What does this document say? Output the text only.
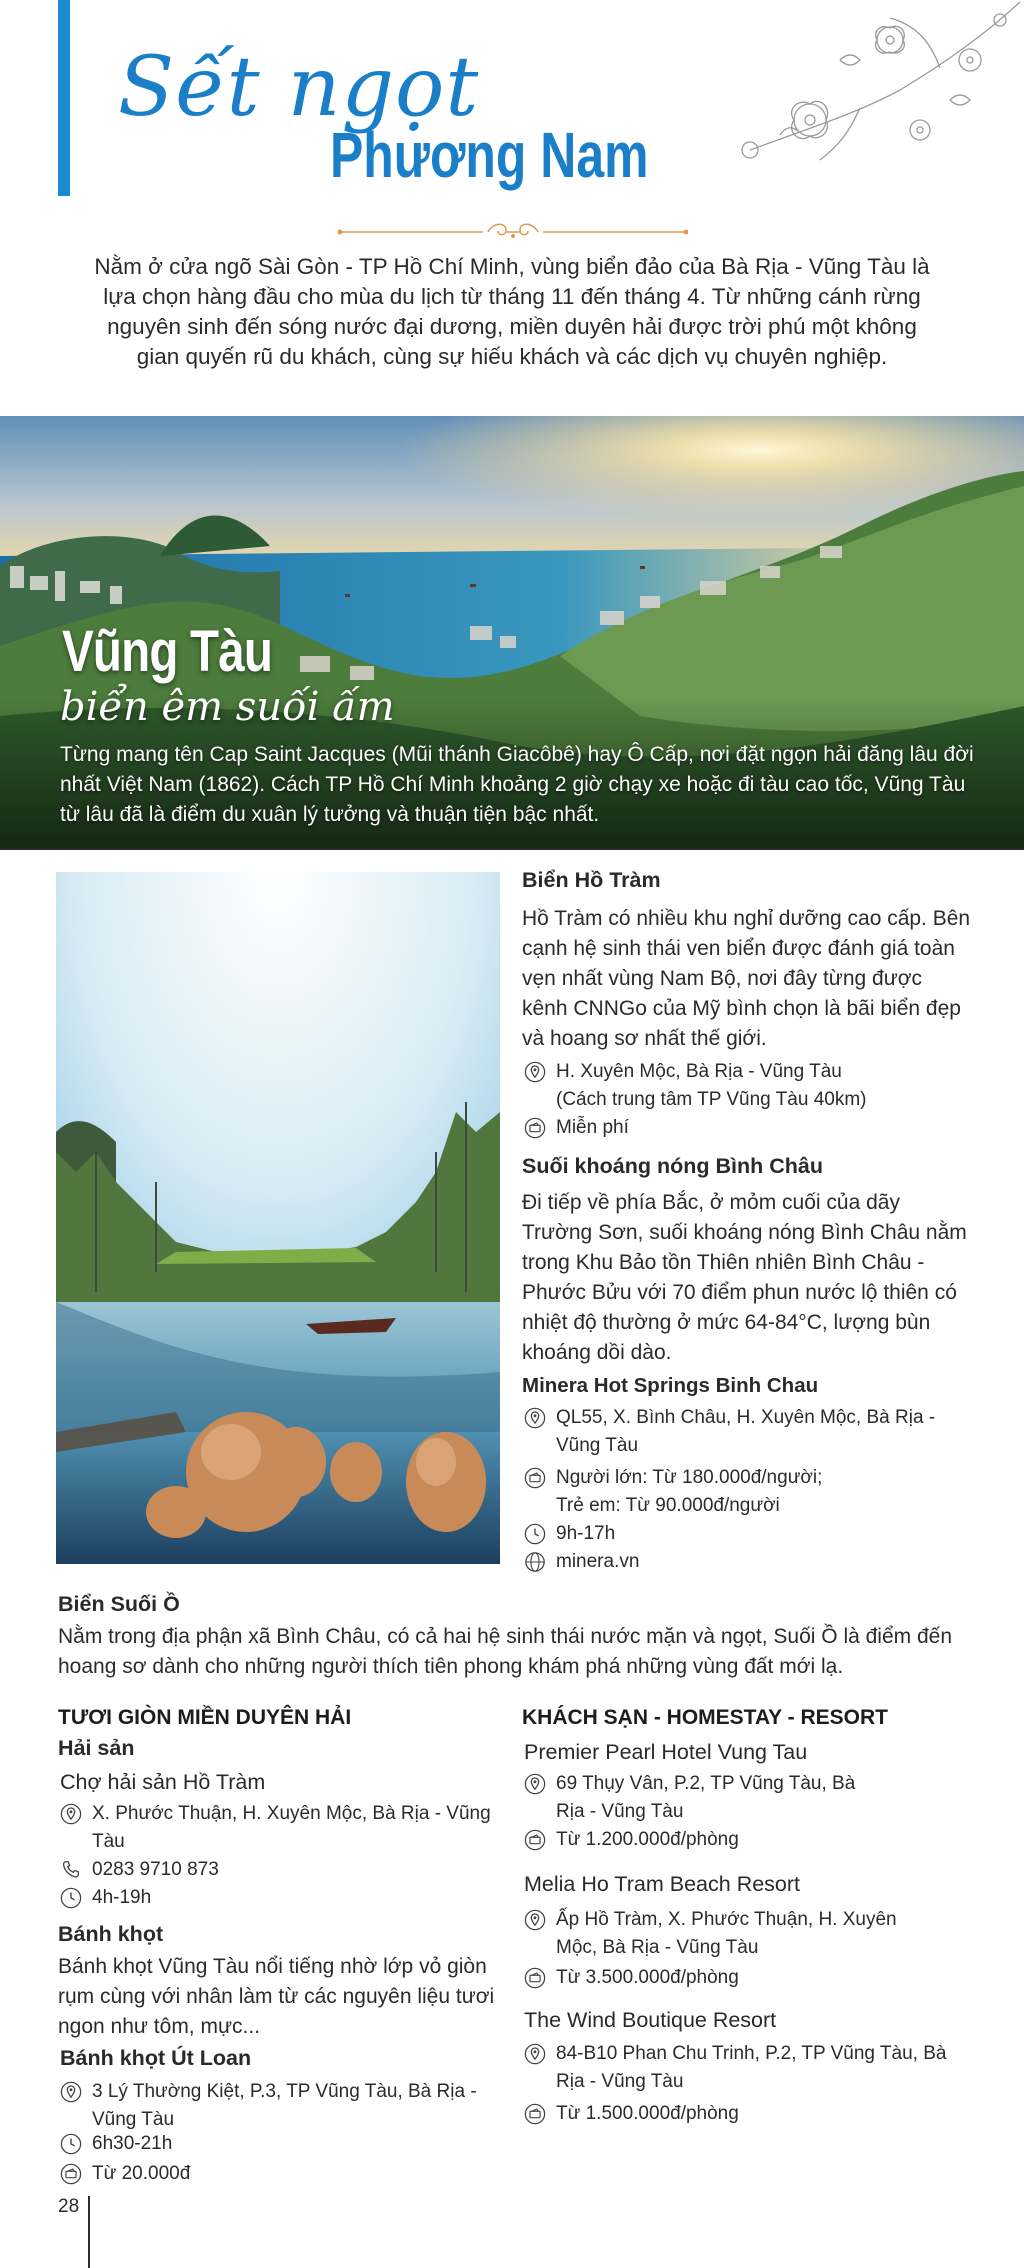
Sết ngọt
Phương Nam
Nằm ở cửa ngõ Sài Gòn - TP Hồ Chí Minh, vùng biển đảo của Bà Rịa - Vũng Tàu là lựa chọn hàng đầu cho mùa du lịch từ tháng 11 đến tháng 4. Từ những cánh rừng nguyên sinh đến sóng nước đại dương, miền duyên hải được trời phú một không gian quyến rũ du khách, cùng sự hiếu khách và các dịch vụ chuyên nghiệp.
Vũng Tàu
biển êm suối ấm
Từng mang tên Cap Saint Jacques (Mũi thánh Giacôbê) hay Ô Cấp, nơi đặt ngọn hải đăng lâu đời nhất Việt Nam (1862). Cách TP Hồ Chí Minh khoảng 2 giờ chạy xe hoặc đi tàu cao tốc, Vũng Tàu từ lâu đã là điểm du xuân lý tưởng và thuận tiện bậc nhất.
Biển Hồ Tràm
Hồ Tràm có nhiều khu nghỉ dưỡng cao cấp. Bên cạnh hệ sinh thái ven biển được đánh giá toàn vẹn nhất vùng Nam Bộ, nơi đây từng được kênh CNNGo của Mỹ bình chọn là bãi biển đẹp và hoang sơ nhất thế giới.
H. Xuyên Mộc, Bà Rịa - Vũng Tàu
(Cách trung tâm TP Vũng Tàu 40km)
Miễn phí
Suối khoáng nóng Bình Châu
Đi tiếp về phía Bắc, ở mỏm cuối của dãy Trường Sơn, suối khoáng nóng Bình Châu nằm trong Khu Bảo tồn Thiên nhiên Bình Châu - Phước Bửu với 70 điểm phun nước lộ thiên có nhiệt độ thường ở mức 64-84°C, lượng bùn khoáng dồi dào.
Minera Hot Springs Binh Chau
QL55, X. Bình Châu, H. Xuyên Mộc, Bà Rịa - Vũng Tàu
Người lớn: Từ 180.000đ/người;
Trẻ em: Từ 90.000đ/người
9h-17h
minera.vn
Biển Suối Ồ
Nằm trong địa phận xã Bình Châu, có cả hai hệ sinh thái nước mặn và ngọt, Suối Ồ là điểm đến hoang sơ dành cho những người thích tiên phong khám phá những vùng đất mới lạ.
TƯƠI GIÒN MIỀN DUYÊN HẢI
Hải sản
Chợ hải sản Hồ Tràm
X. Phước Thuận, H. Xuyên Mộc, Bà Rịa - Vũng Tàu
0283 9710 873
4h-19h
Bánh khọt
Bánh khọt Vũng Tàu nổi tiếng nhờ lớp vỏ giòn rụm cùng với nhân làm từ các nguyên liệu tươi ngon như tôm, mực...
Bánh khọt Út Loan
3 Lý Thường Kiệt, P.3, TP Vũng Tàu, Bà Rịa - Vũng Tàu
6h30-21h
Từ 20.000đ
KHÁCH SẠN - HOMESTAY - RESORT
Premier Pearl Hotel Vung Tau
69 Thụy Vân, P.2, TP Vũng Tàu, Bà Rịa - Vũng Tàu
Từ 1.200.000đ/phòng
Melia Ho Tram Beach Resort
Ấp Hồ Tràm, X. Phước Thuận, H. Xuyên Mộc, Bà Rịa - Vũng Tàu
Từ 3.500.000đ/phòng
The Wind Boutique Resort
84-B10 Phan Chu Trinh, P.2, TP Vũng Tàu, Bà Rịa - Vũng Tàu
Từ 1.500.000đ/phòng
28
